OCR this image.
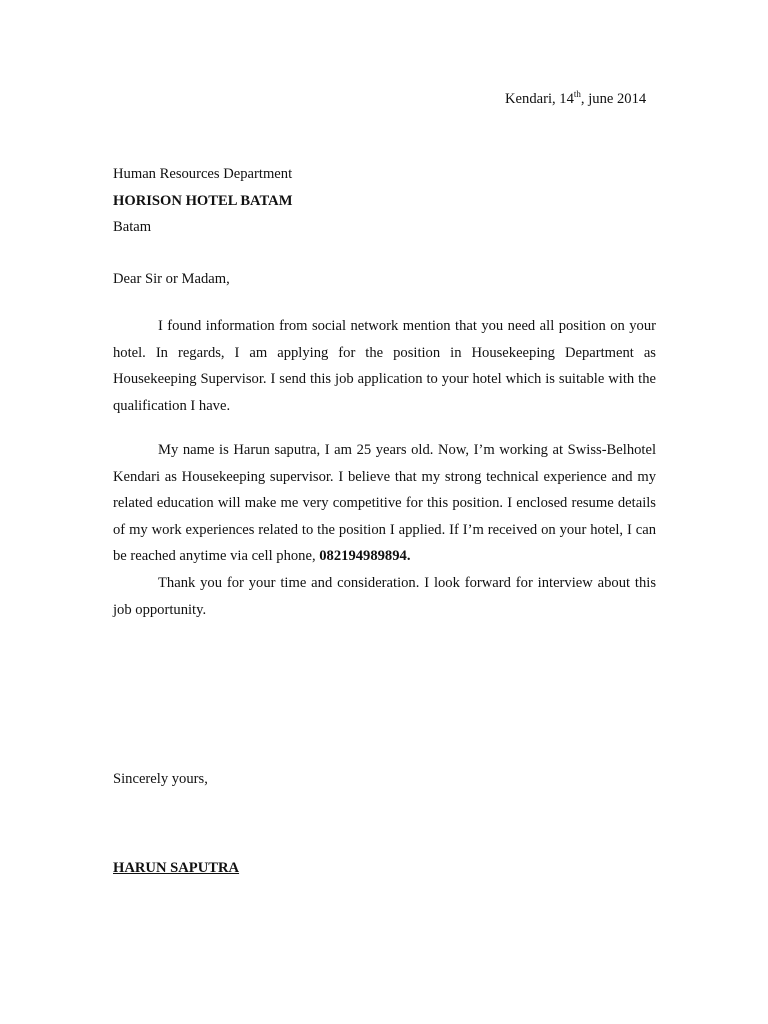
Kendari, 14th, june 2014
Human Resources Department
HORISON HOTEL BATAM
Batam
Dear Sir or Madam,

I found information from social network mention that you need all position on your hotel. In regards, I am applying for the position in Housekeeping Department as Housekeeping Supervisor. I send this job application to your hotel which is suitable with the qualification I have.

My name is Harun saputra, I am 25 years old. Now, I’m working at Swiss-Belhotel Kendari as Housekeeping supervisor. I believe that my strong technical experience and my related education will make me very competitive for this position. I enclosed resume details of my work experiences related to the position I applied. If I’m received on your hotel, I can be reached anytime via cell phone, 082194989894.

Thank you for your time and consideration. I look forward for interview about this job opportunity.

Sincerely yours,
HARUN SAPUTRA
